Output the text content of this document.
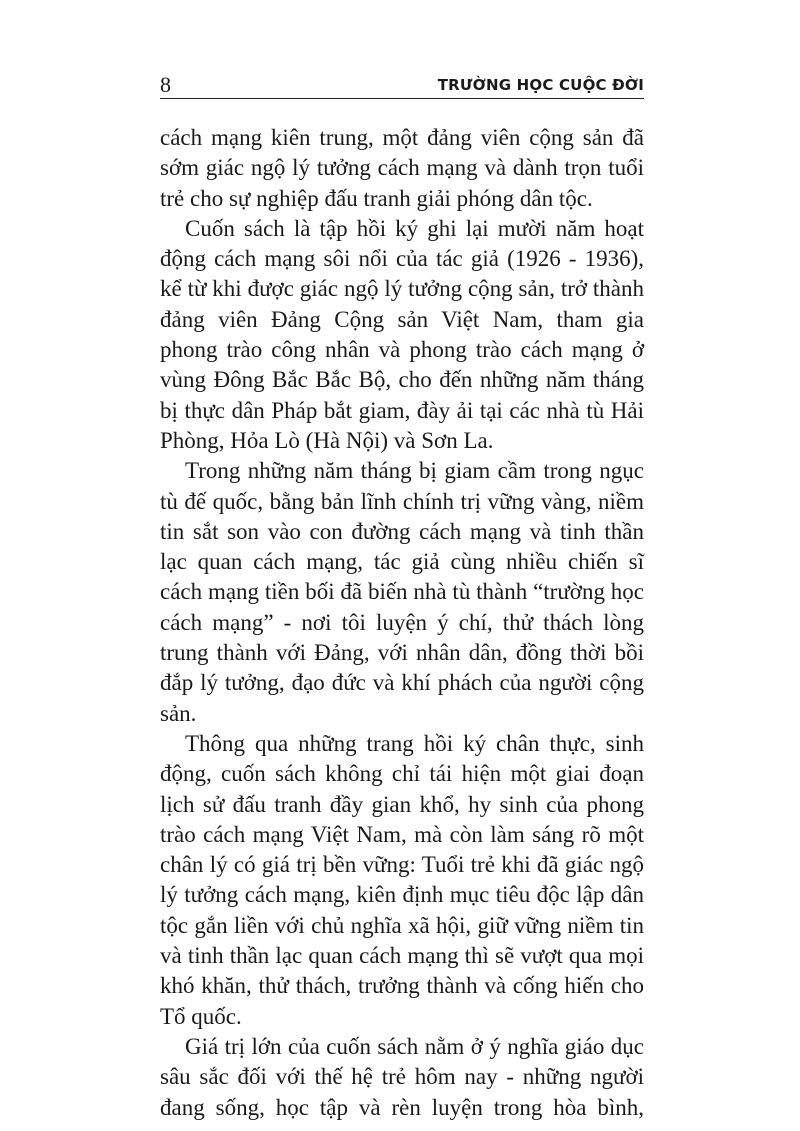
8	TRƯỜNG HỌC CUỘC ĐỜI

cách mạng kiên trung, một đảng viên cộng sản đã sớm giác ngộ lý tưởng cách mạng và dành trọn tuổi trẻ cho sự nghiệp đấu tranh giải phóng dân tộc.

Cuốn sách là tập hồi ký ghi lại mười năm hoạt động cách mạng sôi nổi của tác giả (1926 - 1936), kể từ khi được giác ngộ lý tưởng cộng sản, trở thành đảng viên Đảng Cộng sản Việt Nam, tham gia phong trào công nhân và phong trào cách mạng ở vùng Đông Bắc Bắc Bộ, cho đến những năm tháng bị thực dân Pháp bắt giam, đày ải tại các nhà tù Hải Phòng, Hỏa Lò (Hà Nội) và Sơn La.

Trong những năm tháng bị giam cầm trong ngục tù đế quốc, bằng bản lĩnh chính trị vững vàng, niềm tin sắt son vào con đường cách mạng và tinh thần lạc quan cách mạng, tác giả cùng nhiều chiến sĩ cách mạng tiền bối đã biến nhà tù thành “trường học cách mạng” - nơi tôi luyện ý chí, thử thách lòng trung thành với Đảng, với nhân dân, đồng thời bồi đắp lý tưởng, đạo đức và khí phách của người cộng sản.

Thông qua những trang hồi ký chân thực, sinh động, cuốn sách không chỉ tái hiện một giai đoạn lịch sử đấu tranh đầy gian khổ, hy sinh của phong trào cách mạng Việt Nam, mà còn làm sáng rõ một chân lý có giá trị bền vững: Tuổi trẻ khi đã giác ngộ lý tưởng cách mạng, kiên định mục tiêu độc lập dân tộc gắn liền với chủ nghĩa xã hội, giữ vững niềm tin và tinh thần lạc quan cách mạng thì sẽ vượt qua mọi khó khăn, thử thách, trưởng thành và cống hiến cho Tổ quốc.

Giá trị lớn của cuốn sách nằm ở ý nghĩa giáo dục sâu sắc đối với thế hệ trẻ hôm nay - những người đang sống, học tập và rèn luyện trong hòa bình,
